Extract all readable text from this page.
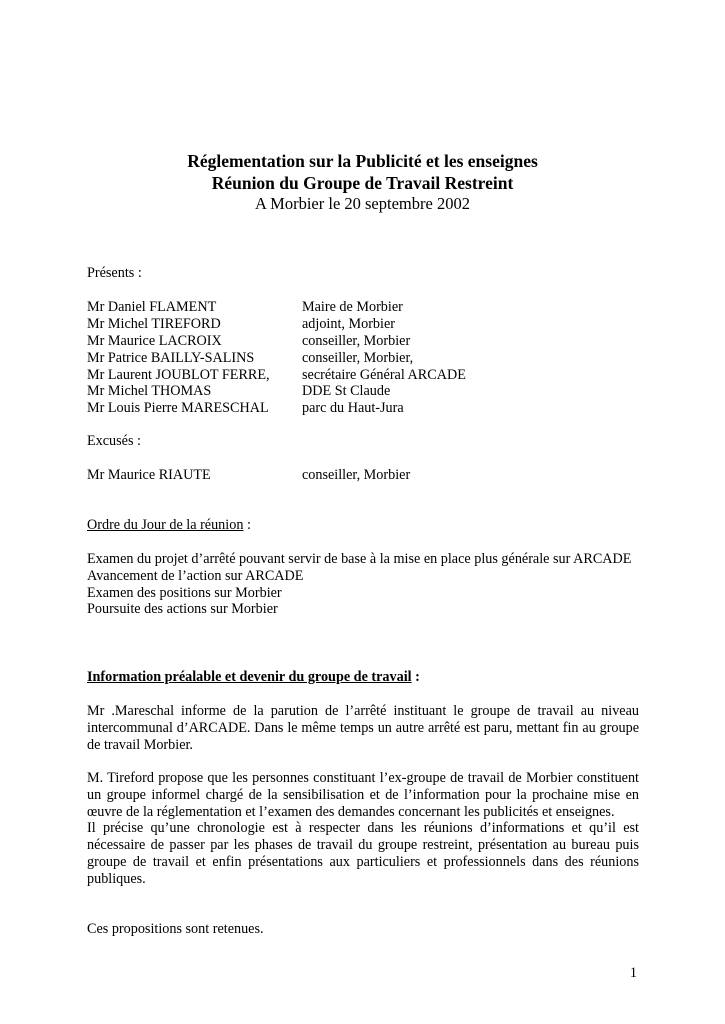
Réglementation sur la Publicité et les enseignes
Réunion du Groupe de Travail Restreint
A Morbier le 20 septembre 2002
Présents :
Mr Daniel FLAMENT	Maire de Morbier
Mr Michel TIREFORD	adjoint, Morbier
Mr Maurice LACROIX	conseiller, Morbier
Mr Patrice BAILLY-SALINS	conseiller, Morbier,
Mr Laurent JOUBLOT FERRE,	secrétaire Général ARCADE
Mr Michel THOMAS	DDE St Claude
Mr Louis Pierre MARESCHAL	parc du Haut-Jura
Excusés :
Mr Maurice RIAUTE	conseiller, Morbier
Ordre du Jour de la réunion :

Examen du projet d’arrêté pouvant servir de base à la mise en place plus générale sur ARCADE

Avancement de l’action sur ARCADE

Examen des positions sur Morbier

Poursuite des actions sur Morbier

Information préalable et devenir du groupe de travail :
Mr .Mareschal informe de la parution de l’arrêté instituant le groupe de travail au niveau intercommunal d’ARCADE. Dans le même temps un autre arrêté est paru, mettant fin au groupe de travail Morbier.

M. Tireford propose que les personnes constituant l’ex-groupe de travail de Morbier constituent un groupe informel chargé de la sensibilisation et de l’information pour la prochaine mise en œuvre de la réglementation et l’examen des demandes concernant les publicités et enseignes.

Il précise qu’une chronologie est à respecter dans les réunions d’informations et qu’il est nécessaire de passer par les phases de travail du groupe restreint, présentation au bureau puis groupe de travail et enfin présentations aux particuliers et professionnels dans des réunions publiques.

Ces propositions sont retenues.
1
